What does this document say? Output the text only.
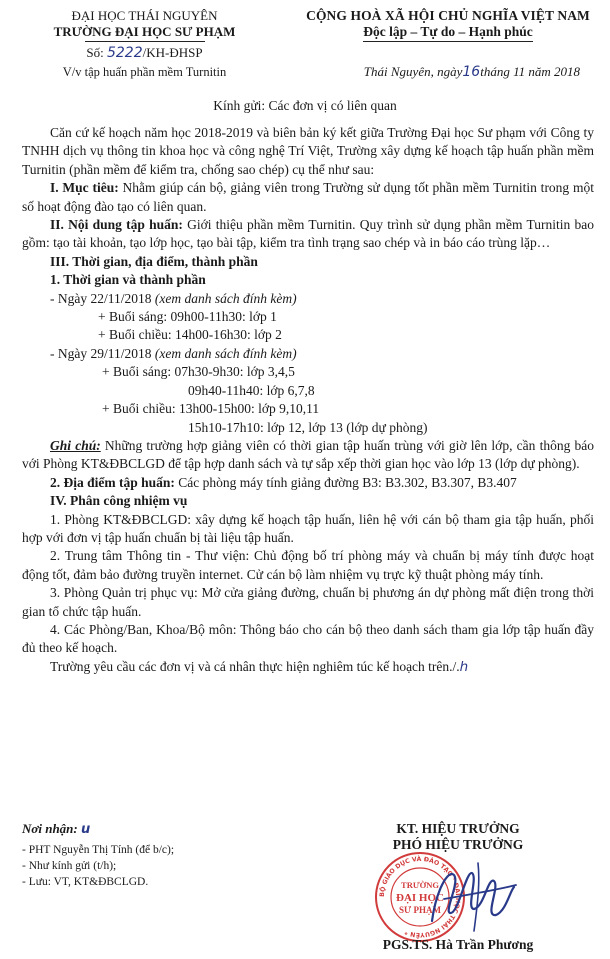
ĐẠI HỌC THÁI NGUYÊN
TRƯỜNG ĐẠI HỌC SƯ PHẠM
Số: 5222/KH-ĐHSP
V/v tập huấn phần mềm Turnitin
CỘNG HOÀ XÃ HỘI CHỦ NGHĨA VIỆT NAM
Độc lập – Tự do – Hạnh phúc
Thái Nguyên, ngày16tháng 11 năm 2018
Kính gửi: Các đơn vị có liên quan

Căn cứ kế hoạch năm học 2018-2019 và biên bản ký kết giữa Trường Đại học Sư phạm với Công ty TNHH dịch vụ thông tin khoa học và công nghệ Trí Việt, Trường xây dựng kế hoạch tập huấn phần mềm Turnitin (phần mềm để kiểm tra, chống sao chép) cụ thể như sau:

I. Mục tiêu: Nhằm giúp cán bộ, giảng viên trong Trường sử dụng tốt phần mềm Turnitin trong một số hoạt động đào tạo có liên quan.

II. Nội dung tập huấn: Giới thiệu phần mềm Turnitin. Quy trình sử dụng phần mềm Turnitin bao gồm: tạo tài khoản, tạo lớp học, tạo bài tập, kiểm tra tình trạng sao chép và in báo cáo trùng lặp…

III. Thời gian, địa điểm, thành phần

1. Thời gian và thành phần

- Ngày 22/11/2018 (xem danh sách đính kèm)

+ Buổi sáng: 09h00-11h30: lớp 1

+ Buổi chiều: 14h00-16h30: lớp 2

- Ngày 29/11/2018 (xem danh sách đính kèm)

+ Buổi sáng: 07h30-9h30: lớp 3,4,5

09h40-11h40: lớp 6,7,8

+ Buổi chiều: 13h00-15h00: lớp 9,10,11

15h10-17h10: lớp 12, lớp 13 (lớp dự phòng)

Ghi chú: Những trường hợp giảng viên có thời gian tập huấn trùng với giờ lên lớp, cần thông báo với Phòng KT&ĐBCLGD để tập hợp danh sách và tự sắp xếp thời gian học vào lớp 13 (lớp dự phòng).

2. Địa điểm tập huấn: Các phòng máy tính giảng đường B3: B3.302, B3.307, B3.407

IV. Phân công nhiệm vụ

1. Phòng KT&ĐBCLGD: xây dựng kế hoạch tập huấn, liên hệ với cán bộ tham gia tập huấn, phối hợp với đơn vị tập huấn chuẩn bị tài liệu tập huấn.

2. Trung tâm Thông tin - Thư viện: Chủ động bố trí phòng máy và chuẩn bị máy tính được hoạt động tốt, đảm bảo đường truyền internet. Cử cán bộ làm nhiệm vụ trực kỹ thuật phòng máy tính.

3. Phòng Quản trị phục vụ: Mở cửa giảng đường, chuẩn bị phương án dự phòng mất điện trong thời gian tổ chức tập huấn.

4. Các Phòng/Ban, Khoa/Bộ môn: Thông báo cho cán bộ theo danh sách tham gia lớp tập huấn đầy đủ theo kế hoạch.

Trường yêu cầu các đơn vị và cá nhân thực hiện nghiêm túc kế hoạch trên./.h

Nơi nhận: u
- PHT Nguyễn Thị Tính (để b/c);
- Như kính gửi (t/h);
- Lưu: VT, KT&ĐBCLGD.
KT. HIỆU TRƯỞNG
PHÓ HIỆU TRƯỞNG
BỘ GIÁO DỤC VÀ ĐÀO TẠO * ĐẠI HỌC THÁI NGUYÊN *
TRƯỜNG
ĐẠI HỌC
SƯ PHẠM
PGS.TS. Hà Trần Phương
